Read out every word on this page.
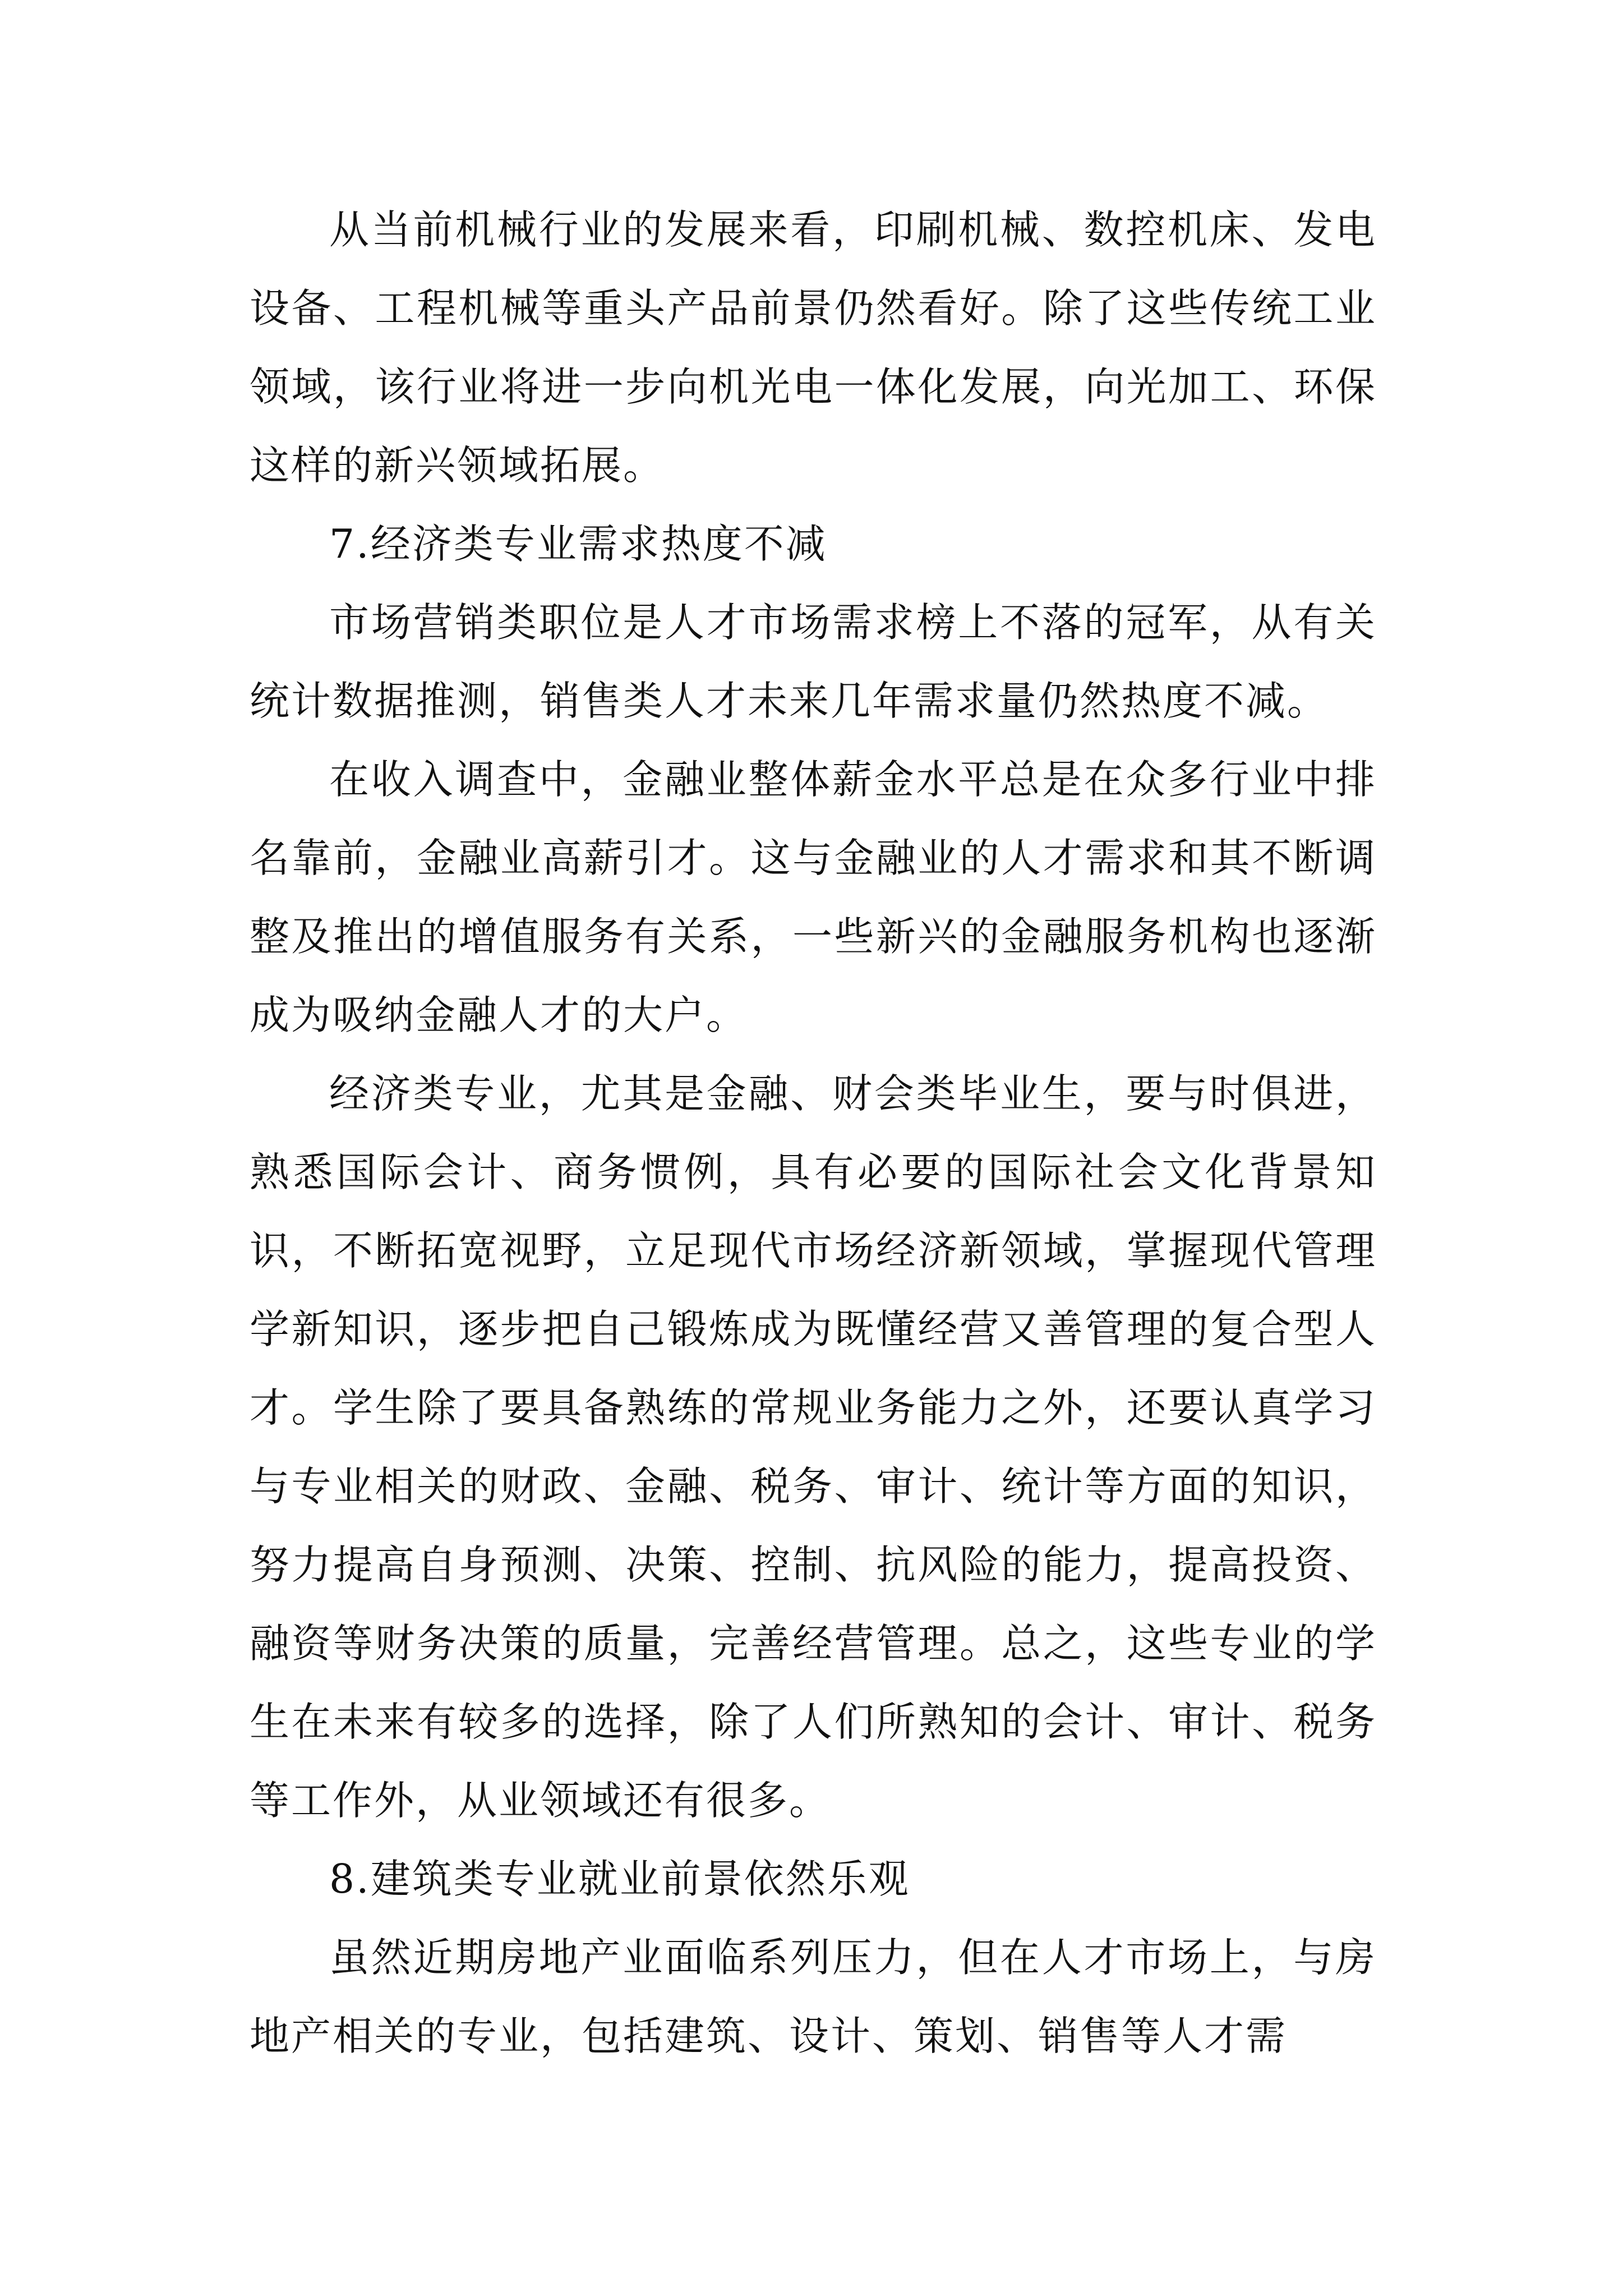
从当前机械行业的发展来看，印刷机械、数控机床、发电设备、工程机械等重头产品前景仍然看好。除了这些传统工业领域，该行业将进一步向机光电一体化发展，向光加工、环保这样的新兴领域拓展。

7.经济类专业需求热度不减

市场营销类职位是人才市场需求榜上不落的冠军，从有关统计数据推测，销售类人才未来几年需求量仍然热度不减。

在收入调查中，金融业整体薪金水平总是在众多行业中排名靠前，金融业高薪引才。这与金融业的人才需求和其不断调整及推出的增值服务有关系，一些新兴的金融服务机构也逐渐成为吸纳金融人才的大户。

经济类专业，尤其是金融、财会类毕业生，要与时俱进，熟悉国际会计、商务惯例，具有必要的国际社会文化背景知识，不断拓宽视野，立足现代市场经济新领域，掌握现代管理学新知识，逐步把自己锻炼成为既懂经营又善管理的复合型人才。学生除了要具备熟练的常规业务能力之外，还要认真学习与专业相关的财政、金融、税务、审计、统计等方面的知识，努力提高自身预测、决策、控制、抗风险的能力，提高投资、融资等财务决策的质量，完善经营管理。总之，这些专业的学生在未来有较多的选择，除了人们所熟知的会计、审计、税务等工作外，从业领域还有很多。

8.建筑类专业就业前景依然乐观

虽然近期房地产业面临系列压力，但在人才市场上，与房地产相关的专业，包括建筑、设计、策划、销售等人才需
